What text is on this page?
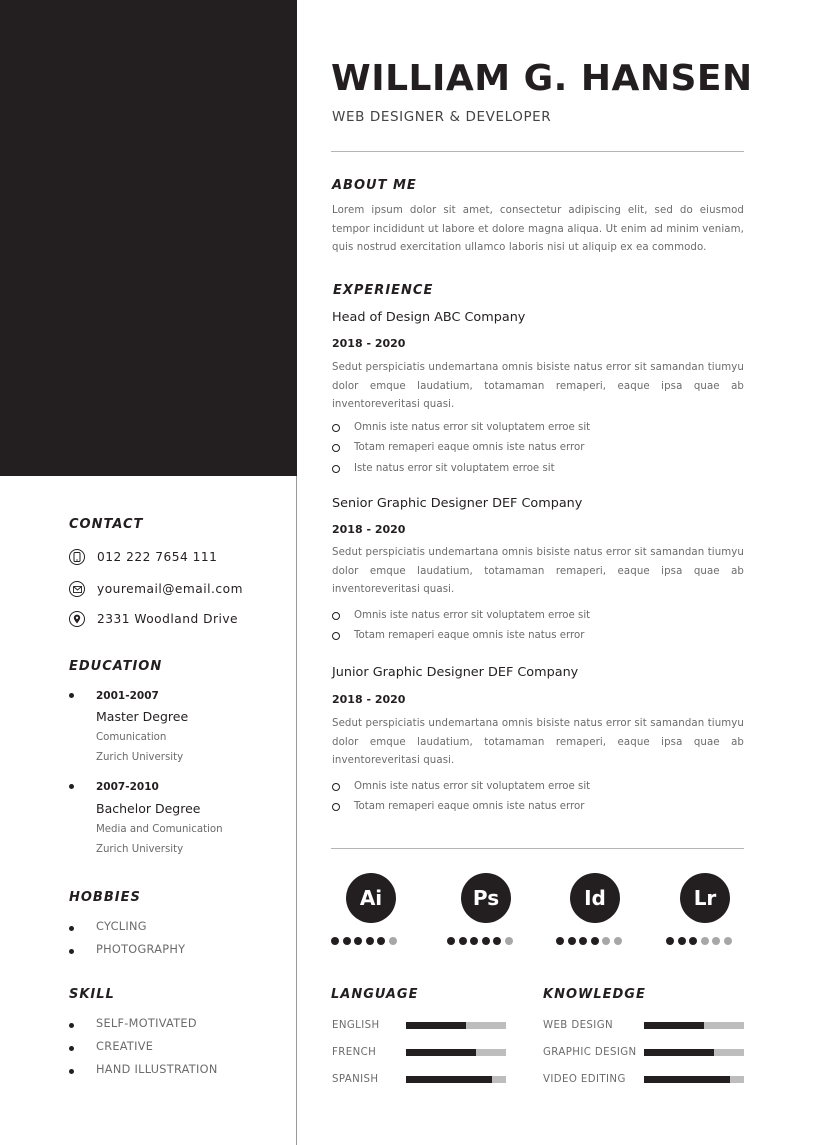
WILLIAM G. HANSEN
WEB DESIGNER & DEVELOPER
ABOUT ME
Lorem ipsum dolor sit amet, consectetur adipiscing elit, sed do eiusmod tempor incididunt ut labore et dolore magna aliqua. Ut enim ad minim veniam, quis nostrud exercitation ullamco laboris nisi ut aliquip ex ea commodo.
EXPERIENCE
Head of Design ABC Company
2018 - 2020
Sedut perspiciatis undemartana omnis bisiste natus error sit samandan tiumyu dolor emque laudatium, totamaman remaperi, eaque ipsa quae ab inventoreveritasi quasi.
Omnis iste natus error sit voluptatem erroe sit
Totam remaperi eaque omnis iste natus error
Iste natus error sit voluptatem erroe sit
Senior Graphic Designer DEF Company
2018 - 2020
Sedut perspiciatis undemartana omnis bisiste natus error sit samandan tiumyu dolor emque laudatium, totamaman remaperi, eaque ipsa quae ab inventoreveritasi quasi.
Omnis iste natus error sit voluptatem erroe sit
Totam remaperi eaque omnis iste natus error
Junior Graphic Designer DEF Company
2018 - 2020
Sedut perspiciatis undemartana omnis bisiste natus error sit samandan tiumyu dolor emque laudatium, totamaman remaperi, eaque ipsa quae ab inventoreveritasi quasi.
Omnis iste natus error sit voluptatem erroe sit
Totam remaperi eaque omnis iste natus error
Ai	Ps	Id	Lr
LANGUAGE
ENGLISH
FRENCH
SPANISH
KNOWLEDGE
WEB DESIGN
GRAPHIC DESIGN
VIDEO EDITING
CONTACT
012 222 7654 111
youremail@email.com
2331 Woodland Drive
EDUCATION
2001-2007
Master Degree
Comunication
Zurich University
2007-2010
Bachelor Degree
Media and Comunication
Zurich University
HOBBIES
CYCLING
PHOTOGRAPHY
SKILL
SELF-MOTIVATED
CREATIVE
HAND ILLUSTRATION
